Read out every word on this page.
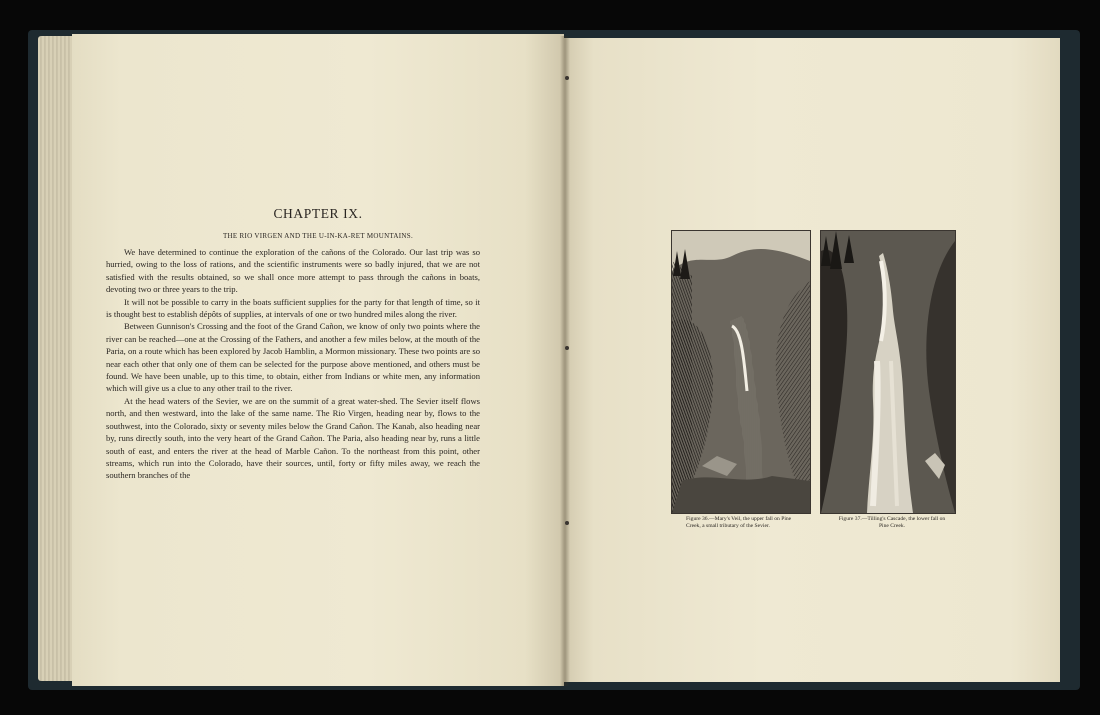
CHAPTER IX.
THE RIO VIRGEN AND THE U-IN-KA-RET MOUNTAINS.

We have determined to continue the exploration of the cañons of the Colorado. Our last trip was so hurried, owing to the loss of rations, and the scientific instruments were so badly injured, that we are not satisfied with the results obtained, so we shall once more attempt to pass through the cañons in boats, devoting two or three years to the trip.

It will not be possible to carry in the boats sufficient supplies for the party for that length of time, so it is thought best to establish dépôts of supplies, at intervals of one or two hundred miles along the river.

Between Gunnison's Crossing and the foot of the Grand Cañon, we know of only two points where the river can be reached—one at the Crossing of the Fathers, and another a few miles below, at the mouth of the Paria, on a route which has been explored by Jacob Hamblin, a Mormon missionary. These two points are so near each other that only one of them can be selected for the purpose above mentioned, and others must be found. We have been unable, up to this time, to obtain, either from Indians or white men, any information which will give us a clue to any other trail to the river.

At the head waters of the Sevier, we are on the summit of a great water-shed. The Sevier itself flows north, and then westward, into the lake of the same name. The Rio Virgen, heading near by, flows to the southwest, into the Colorado, sixty or seventy miles below the Grand Cañon. The Kanab, also heading near by, runs directly south, into the very heart of the Grand Cañon. The Paria, also heading near by, runs a little south of east, and enters the river at the head of Marble Cañon. To the northeast from this point, other streams, which run into the Colorado, have their sources, until, forty or fifty miles away, we reach the southern branches of the

Figure 36.—Mary's Veil, the upper fall on Pine Creek, a small tributary of the Sevier.
Figure 37.—Tilling's Cascade, the lower fall on Pine Creek.
